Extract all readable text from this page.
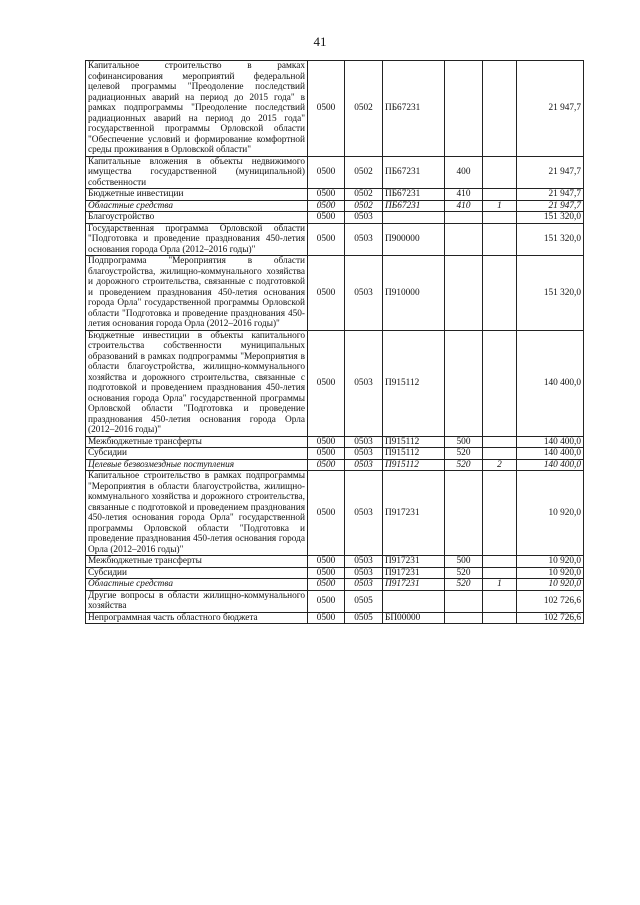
41
Капитальное строительство в рамках софинансирования мероприятий федеральной целевой программы "Преодоление последствий радиационных аварий на период до 2015 года" в рамках подпрограммы "Преодоление последствий радиационных аварий на период до 2015 года" государственной программы Орловской области "Обеспечение условий и формирование комфортной среды проживания в Орловской области"	0500	0502	ПБ67231			21 947,7
Капитальные вложения в объекты недвижимого имущества государственной (муниципальной) собственности	0500	0502	ПБ67231	400		21 947,7
Бюджетные инвестиции	0500	0502	ПБ67231	410		21 947,7
Областные средства	0500	0502	ПБ67231	410	1	21 947,7
Благоустройство	0500	0503				151 320,0
Государственная программа Орловской области "Подготовка и проведение празднования 450-летия основания города Орла (2012–2016 годы)"	0500	0503	П900000			151 320,0
Подпрограмма "Мероприятия в области благоустройства, жилищно-коммунального хозяйства и дорожного строительства, связанные с подготовкой и проведением празднования 450-летия основания города Орла" государственной программы Орловской области "Подготовка и проведение празднования 450-летия основания города Орла (2012–2016 годы)"	0500	0503	П910000			151 320,0
Бюджетные инвестиции в объекты капитального строительства собственности муниципальных образований в рамках подпрограммы "Мероприятия в области благоустройства, жилищно-коммунального хозяйства и дорожного строительства, связанные с подготовкой и проведением празднования 450-летия основания города Орла" государственной программы Орловской области "Подготовка и проведение празднования 450-летия основания города Орла (2012–2016 годы)"	0500	0503	П915112			140 400,0
Межбюджетные трансферты	0500	0503	П915112	500		140 400,0
Субсидии	0500	0503	П915112	520		140 400,0
Целевые безвозмездные поступления	0500	0503	П915112	520	2	140 400,0
Капитальное строительство в рамках подпрограммы "Мероприятия в области благоустройства, жилищно-коммунального хозяйства и дорожного строительства, связанные с подготовкой и проведением празднования 450-летия основания города Орла" государственной программы Орловской области "Подготовка и проведение празднования 450-летия основания города Орла (2012–2016 годы)"	0500	0503	П917231			10 920,0
Межбюджетные трансферты	0500	0503	П917231	500		10 920,0
Субсидии	0500	0503	П917231	520		10 920,0
Областные средства	0500	0503	П917231	520	1	10 920,0
Другие вопросы в области жилищно-коммунального хозяйства	0500	0505				102 726,6
Непрограммная часть областного бюджета	0500	0505	БП00000			102 726,6
